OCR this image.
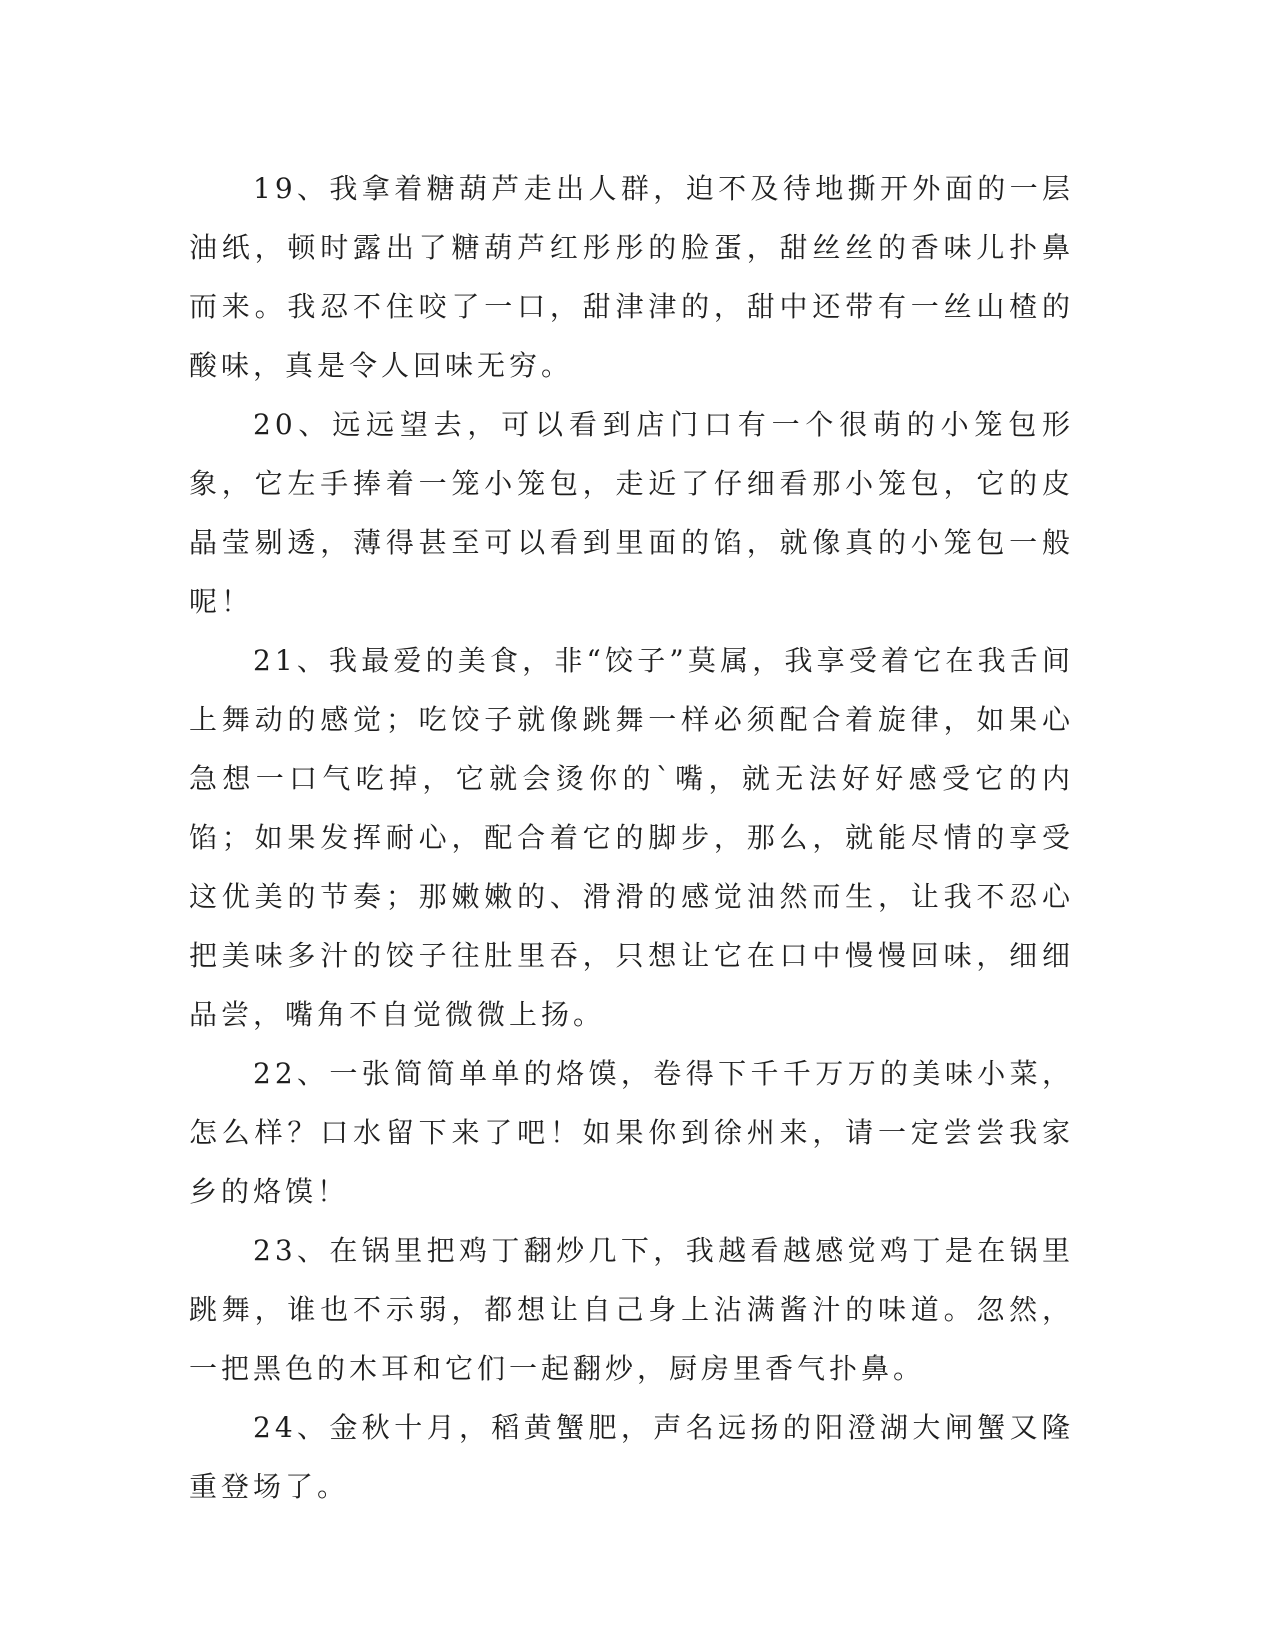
19、我拿着糖葫芦走出人群，迫不及待地撕开外面的一层油纸，顿时露出了糖葫芦红彤彤的脸蛋，甜丝丝的香味儿扑鼻而来。我忍不住咬了一口，甜津津的，甜中还带有一丝山楂的酸味，真是令人回味无穷。

20、远远望去，可以看到店门口有一个很萌的小笼包形象，它左手捧着一笼小笼包，走近了仔细看那小笼包，它的皮晶莹剔透，薄得甚至可以看到里面的馅，就像真的小笼包一般呢！

21、我最爱的美食，非“饺子”莫属，我享受着它在我舌间上舞动的感觉；吃饺子就像跳舞一样必须配合着旋律，如果心急想一口气吃掉，它就会烫你的`嘴，就无法好好感受它的内馅；如果发挥耐心，配合着它的脚步，那么，就能尽情的享受这优美的节奏；那嫩嫩的、滑滑的感觉油然而生，让我不忍心把美味多汁的饺子往肚里吞，只想让它在口中慢慢回味，细细品尝，嘴角不自觉微微上扬。

22、一张简简单单的烙馍，卷得下千千万万的美味小菜，怎么样？口水留下来了吧！如果你到徐州来，请一定尝尝我家乡的烙馍！

23、在锅里把鸡丁翻炒几下，我越看越感觉鸡丁是在锅里跳舞，谁也不示弱，都想让自己身上沾满酱汁的味道。忽然，一把黑色的木耳和它们一起翻炒，厨房里香气扑鼻。

24、金秋十月，稻黄蟹肥，声名远扬的阳澄湖大闸蟹又隆重登场了。
